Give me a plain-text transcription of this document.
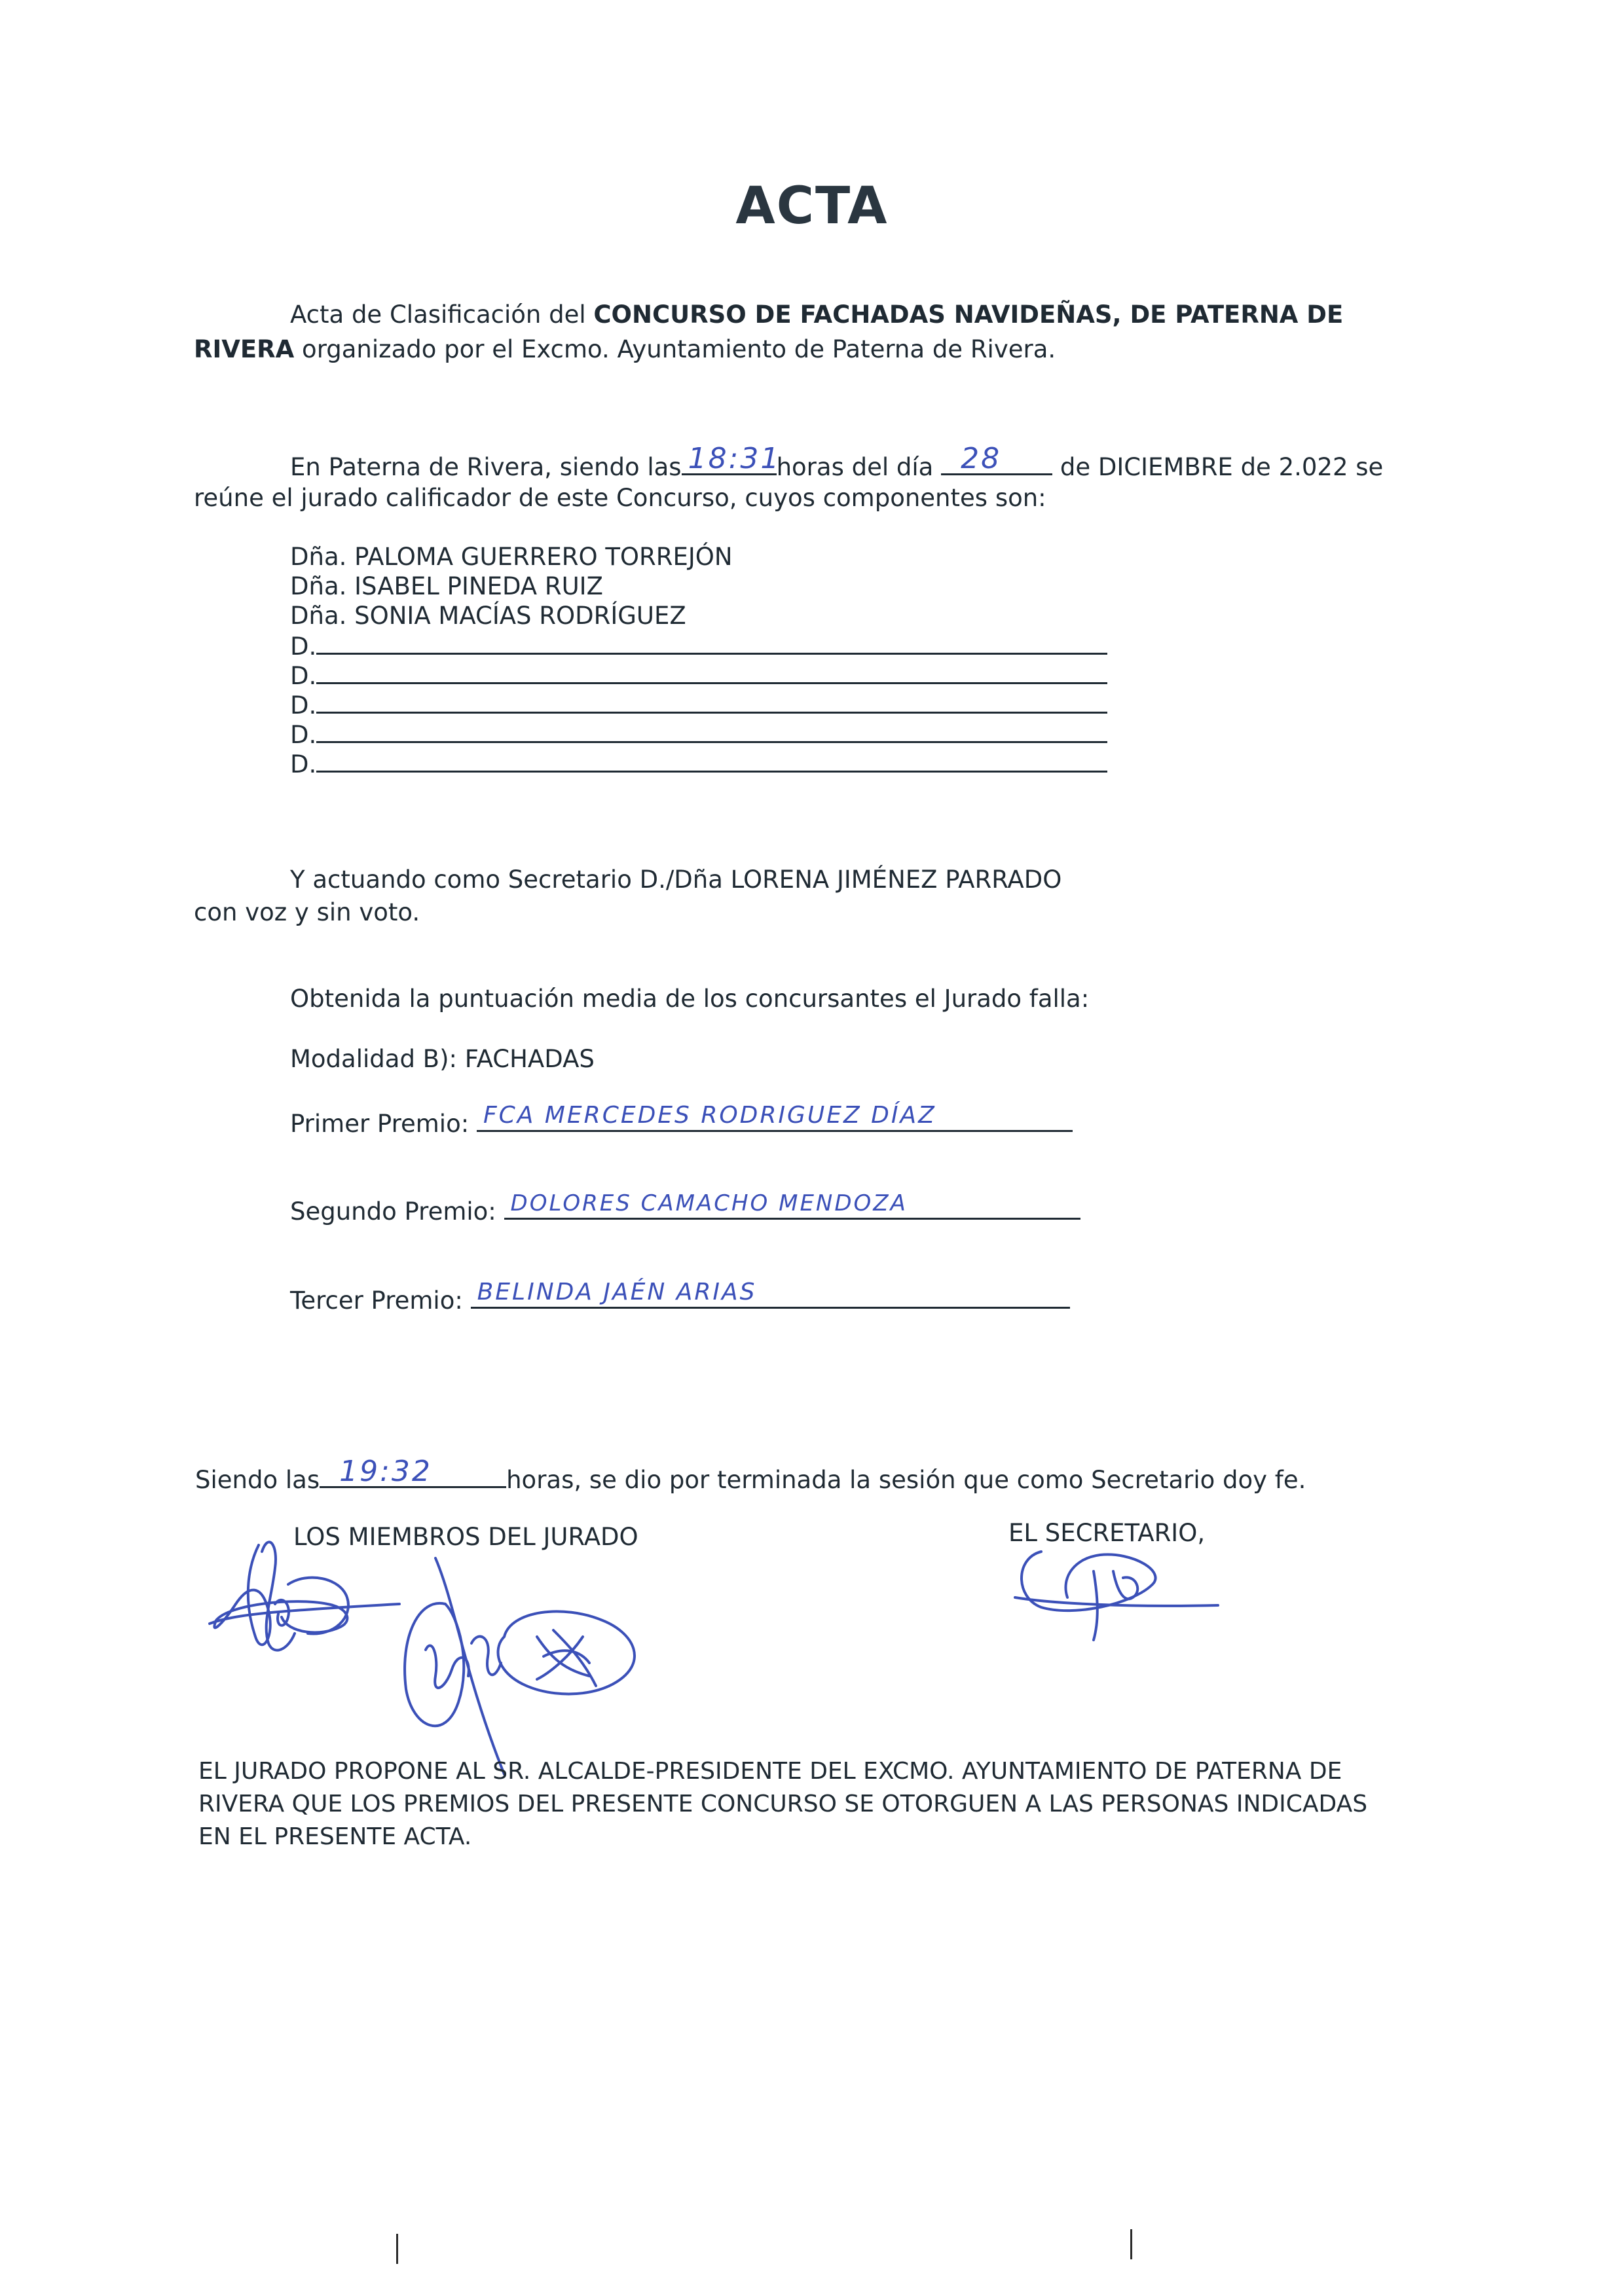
ACTA
Acta de Clasificación del CONCURSO DE FACHADAS NAVIDEÑAS, DE PATERNA DE
RIVERA organizado por el Excmo. Ayuntamiento de Paterna de Rivera.
En Paterna de Rivera, siendo las 18:31
horas del día 28 de DICIEMBRE de 2.022 se
reúne el jurado calificador de este Concurso, cuyos componentes son:
Dña. PALOMA GUERRERO TORREJÓN
Dña. ISABEL PINEDA RUIZ
Dña. SONIA MACÍAS RODRÍGUEZ
D.
D.
D.
D.
D.
Y actuando como Secretario D./Dña LORENA JIMÉNEZ PARRADO
con voz y sin voto.
Obtenida la puntuación media de los concursantes el Jurado falla:
Modalidad B): FACHADAS
Primer Premio: FCA MERCEDES RODRIGUEZ DÍAZ
Segundo Premio: DOLORES CAMACHO MENDOZA
Tercer Premio: BELINDA JAÉN ARIAS
Siendo las 19:32	horas, se dio por terminada la sesión que como Secretario doy fe.
LOS MIEMBROS DEL JURADO	EL SECRETARIO,
EL JURADO PROPONE AL SR. ALCALDE-PRESIDENTE DEL EXCMO. AYUNTAMIENTO DE PATERNA DE
RIVERA QUE LOS PREMIOS DEL PRESENTE CONCURSO SE OTORGUEN A LAS PERSONAS INDICADAS
EN EL PRESENTE ACTA.
